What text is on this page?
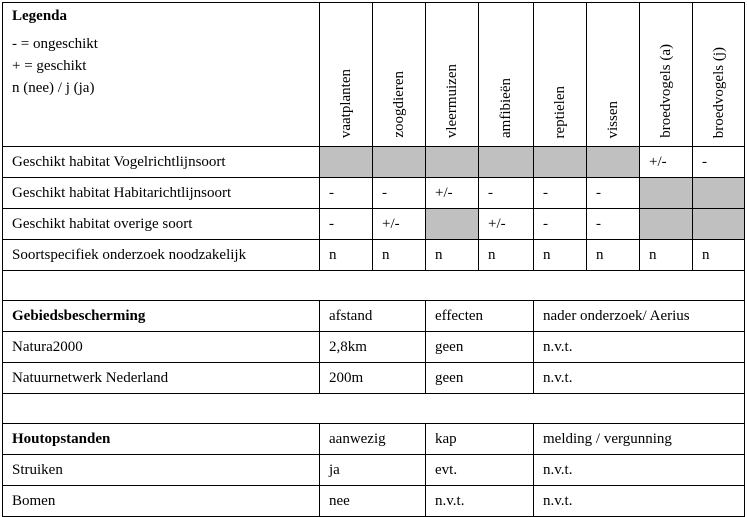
Legenda
- = ongeschikt
+ = geschikt
n (nee) / j (ja)	vaatplanten	zoogdieren	vleermuizen	amfibieën	reptielen	vissen	broedvogels (a)	broedvogels (j)

Geschikt habitat Vogelrichtlijnsoort							+/-	-
Geschikt habitat Habitarichtlijnsoort	-	-	+/-	-	-	-		
Geschikt habitat overige soort	-	+/-		+/-	-	-		
Soortspecifiek onderzoek noodzakelijk	n	n	n	n	n	n	n	n

Gebiedsbescherming	afstand		effecten		nader onderzoek/ Aerius			
Natura2000	2,8km		geen		n.v.t.			
Natuurnetwerk Nederland	200m		geen		n.v.t.			

Houtopstanden	aanwezig		kap		melding / vergunning			
Struiken	ja		evt.		n.v.t.			
Bomen	nee		n.v.t.		n.v.t.			
